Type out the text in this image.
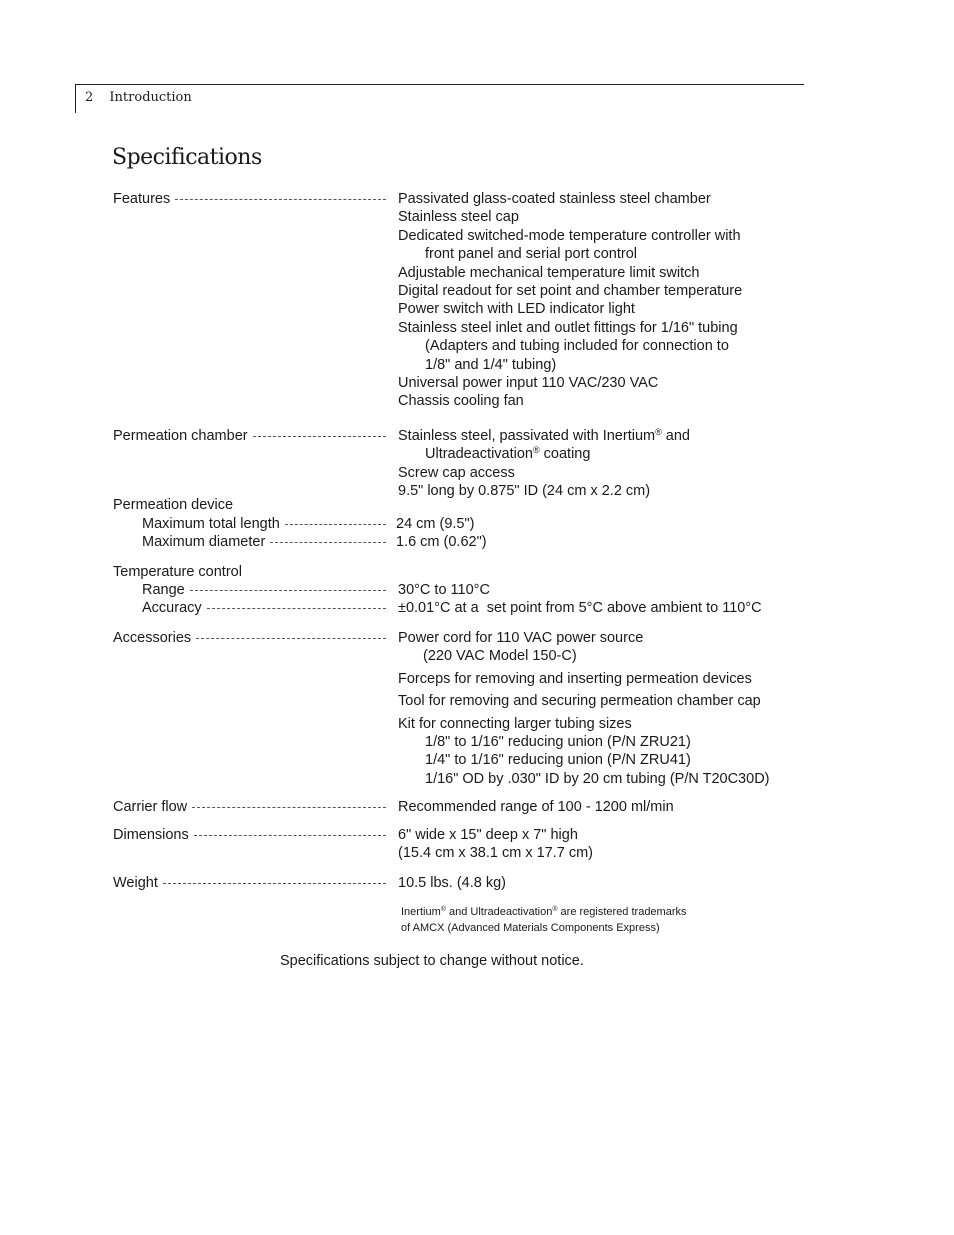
2 Introduction
Specifications
Features	Passivated glass-coated stainless steel chamber
Stainless steel cap
Dedicated switched-mode temperature controller with
front panel and serial port control
Adjustable mechanical temperature limit switch
Digital readout for set point and chamber temperature
Power switch with LED indicator light
Stainless steel inlet and outlet fittings for 1/16" tubing
(Adapters and tubing included for connection to
1/8" and 1/4" tubing)
Universal power input 110 VAC/230 VAC
Chassis cooling fan
Permeation chamber	Stainless steel, passivated with Inertium® and
Ultradeactivation® coating
Screw cap access
9.5" long by 0.875" ID (24 cm x 2.2 cm)
Permeation device
Maximum total length	24 cm (9.5")
Maximum diameter	1.6 cm (0.62")
Temperature control
Range	30°C to 110°C
Accuracy	±0.01°C at a  set point from 5°C above ambient to 110°C
Accessories	Power cord for 110 VAC power source
(220 VAC Model 150-C)
Forceps for removing and inserting permeation devices
Tool for removing and securing permeation chamber cap
Kit for connecting larger tubing sizes
1/8" to 1/16" reducing union (P/N ZRU21)
1/4" to 1/16" reducing union (P/N ZRU41)
1/16" OD by .030" ID by 20 cm tubing (P/N T20C30D)
Carrier flow	Recommended range of 100 - 1200 ml/min
Dimensions	6" wide x 15" deep x 7" high
(15.4 cm x 38.1 cm x 17.7 cm)
Weight	10.5 lbs. (4.8 kg)
Inertium® and Ultradeactivation® are registered trademarks
of AMCX (Advanced Materials Components Express)
Specifications subject to change without notice.
